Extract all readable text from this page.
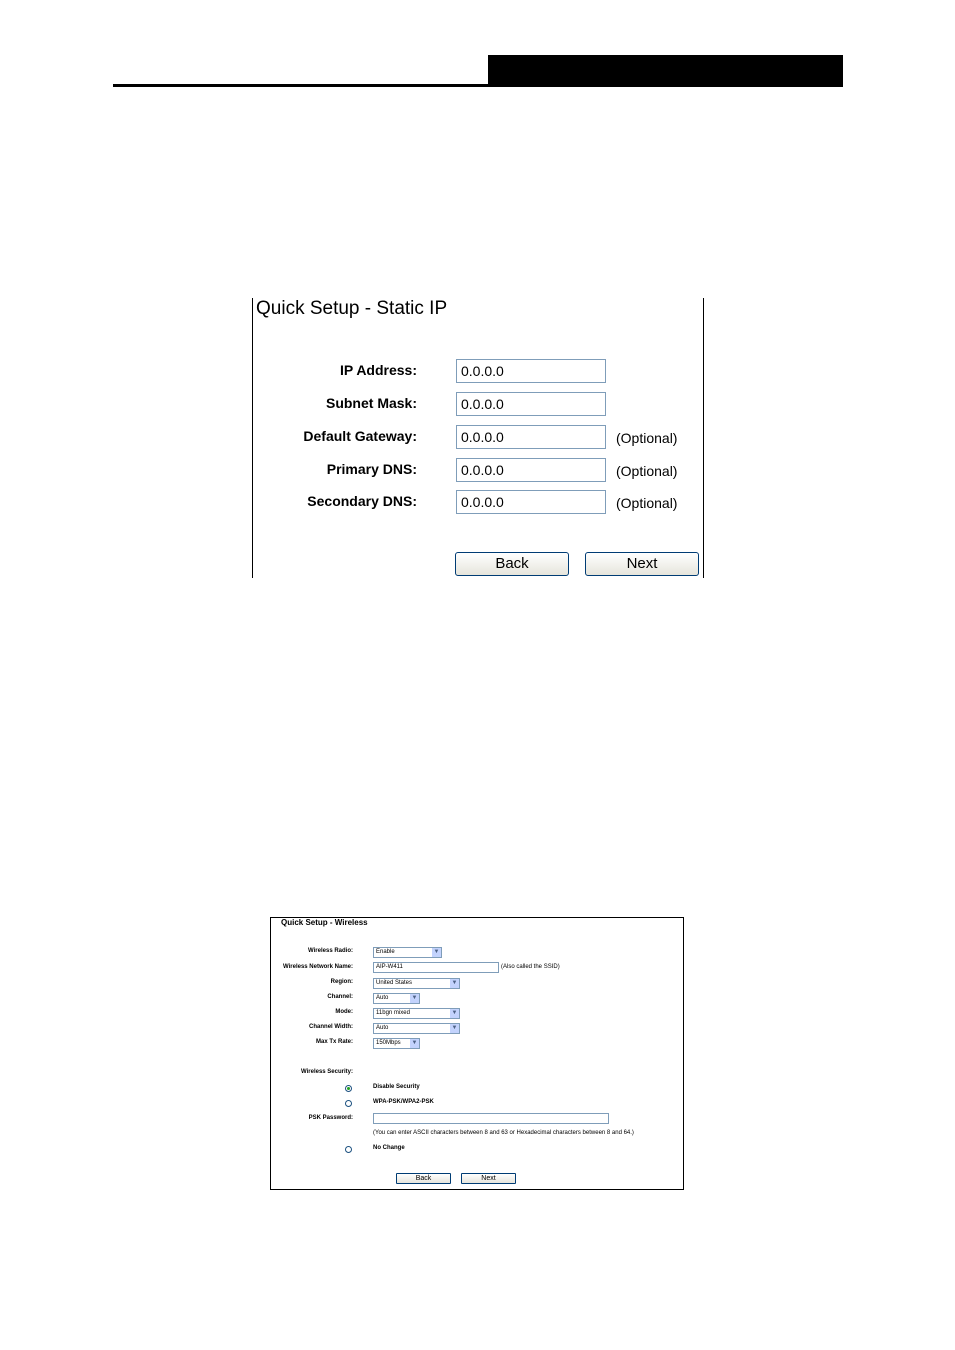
Quick Setup - Static IP
IP Address:	0.0.0.0
Subnet Mask:	0.0.0.0
Default Gateway:	0.0.0.0	(Optional)
Primary DNS:	0.0.0.0	(Optional)
Secondary DNS:	0.0.0.0	(Optional)
Back	Next
Quick Setup - Wireless
Wireless Radio:	Enable	▼
Wireless Network Name:	AIP-W411	(Also called the SSID)
Region:	United States	▼
Channel:	Auto	▼
Mode:	11bgn mixed	▼
Channel Width:	Auto	▼
Max Tx Rate:	150Mbps ▼
Wireless Security:
Disable Security
WPA-PSK/WPA2-PSK
PSK Password:
(You can enter ASCII characters between 8 and 63 or Hexadecimal characters between 8 and 64.)
No Change
Back	Next
